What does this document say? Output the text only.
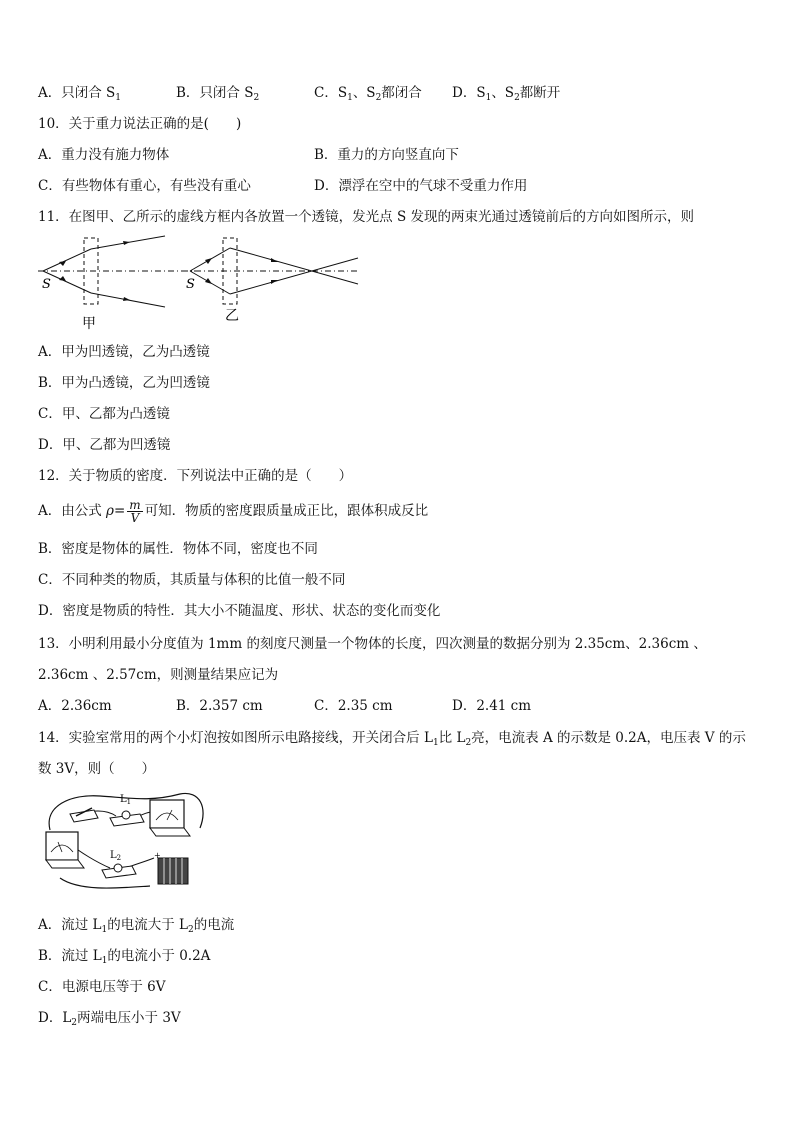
A．只闭合 $S_1$	B．只闭合 $S_2$	C．$S_1$、$S_2$都闭合 D．$S_1$、$S_2$都断开
10．关于重力说法正确的是(　　)
A．重力没有施力物体	B．重力的方向竖直向下
C．有些物体有重心，有些没有重心	D．漂浮在空中的气球不受重力作用
11．在图甲、乙所示的虚线方框内各放置一个透镜，发光点 S 发现的两束光通过透镜前后的方向如图所示，则
S
甲
S
乙
A．甲为凹透镜，乙为凸透镜
B．甲为凸透镜，乙为凹透镜
C．甲、乙都为凸透镜
D．甲、乙都为凹透镜
12．关于物质的密度．下列说法中正确的是（　　）
A．由公式 $\rho= \frac{m}{V}$ 可知．物质的密度跟质量成正比，跟体积成反比
B．密度是物体的属性．物体不同，密度也不同
C．不同种类的物质，其质量与体积的比值一般不同
D．密度是物质的特性．其大小不随温度、形状、状态的变化而变化
13．小明利用最小分度值为 1mm 的刻度尺测量一个物体的长度，四次测量的数据分别为 2.35cm、2.36cm 、
2.36cm 、2.57cm，则测量结果应记为
A．2.36cm	B．2.357 cm	C．2.35 cm	D．2.41 cm
14．实验室常用的两个小灯泡按如图所示电路接线，开关闭合后 $L_1$比 $L_2$亮，电流表 A 的示数是 0.2A，电压表 V 的示
数 3V，则（　　）
$L_1$
$L_2$	+
A．流过 $L_1$的电流大于 $L_2$的电流
B．流过 $L_1$的电流小于 0.2A
C．电源电压等于 6V
D．$L_2$两端电压小于 3V
